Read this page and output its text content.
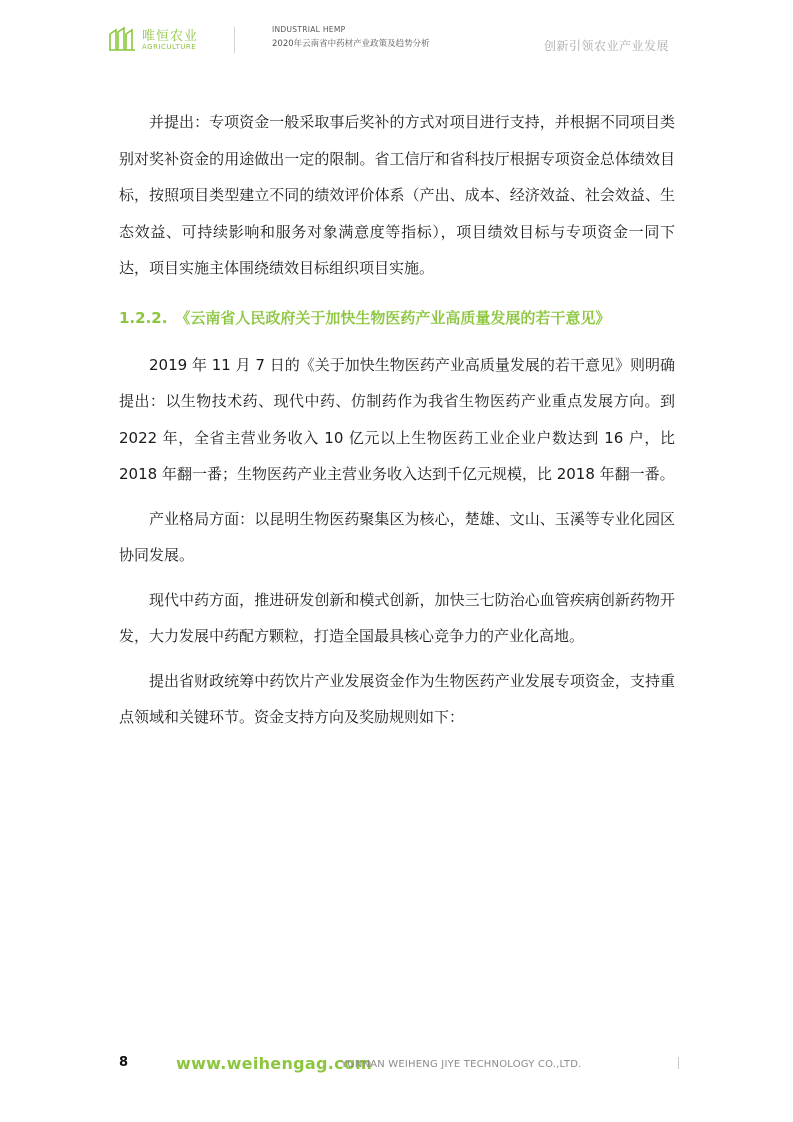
唯恒农业
AGRICULTURE
INDUSTRIAL HEMP
2020年云南省中药材产业政策及趋势分析	创新引领农业产业发展

并提出：专项资金一般采取事后奖补的方式对项目进行支持，并根据不同项目类别对奖补资金的用途做出一定的限制。省工信厅和省科技厅根据专项资金总体绩效目标，按照项目类型建立不同的绩效评价体系（产出、成本、经济效益、社会效益、生态效益、可持续影响和服务对象满意度等指标），项目绩效目标与专项资金一同下达，项目实施主体围绕绩效目标组织项目实施。

1.2.2. 《云南省人民政府关于加快生物医药产业高质量发展的若干意见》

2019 年 11 月 7 日的《关于加快生物医药产业高质量发展的若干意见》则明确提出：以生物技术药、现代中药、仿制药作为我省生物医药产业重点发展方向。到 2022 年，全省主营业务收入 10 亿元以上生物医药工业企业户数达到 16 户，比 2018 年翻一番；生物医药产业主营业务收入达到千亿元规模，比 2018 年翻一番。

产业格局方面：以昆明生物医药聚集区为核心，楚雄、文山、玉溪等专业化园区协同发展。

现代中药方面，推进研发创新和模式创新，加快三七防治心血管疾病创新药物开发，大力发展中药配方颗粒，打造全国最具核心竞争力的产业化高地。

提出省财政统筹中药饮片产业发展资金作为生物医药产业发展专项资金，支持重点领域和关键环节。资金支持方向及奖励规则如下：

8	www.weihengag.com
YUNNAN WEIHENG JIYE TECHNOLOGY CO.,LTD.
